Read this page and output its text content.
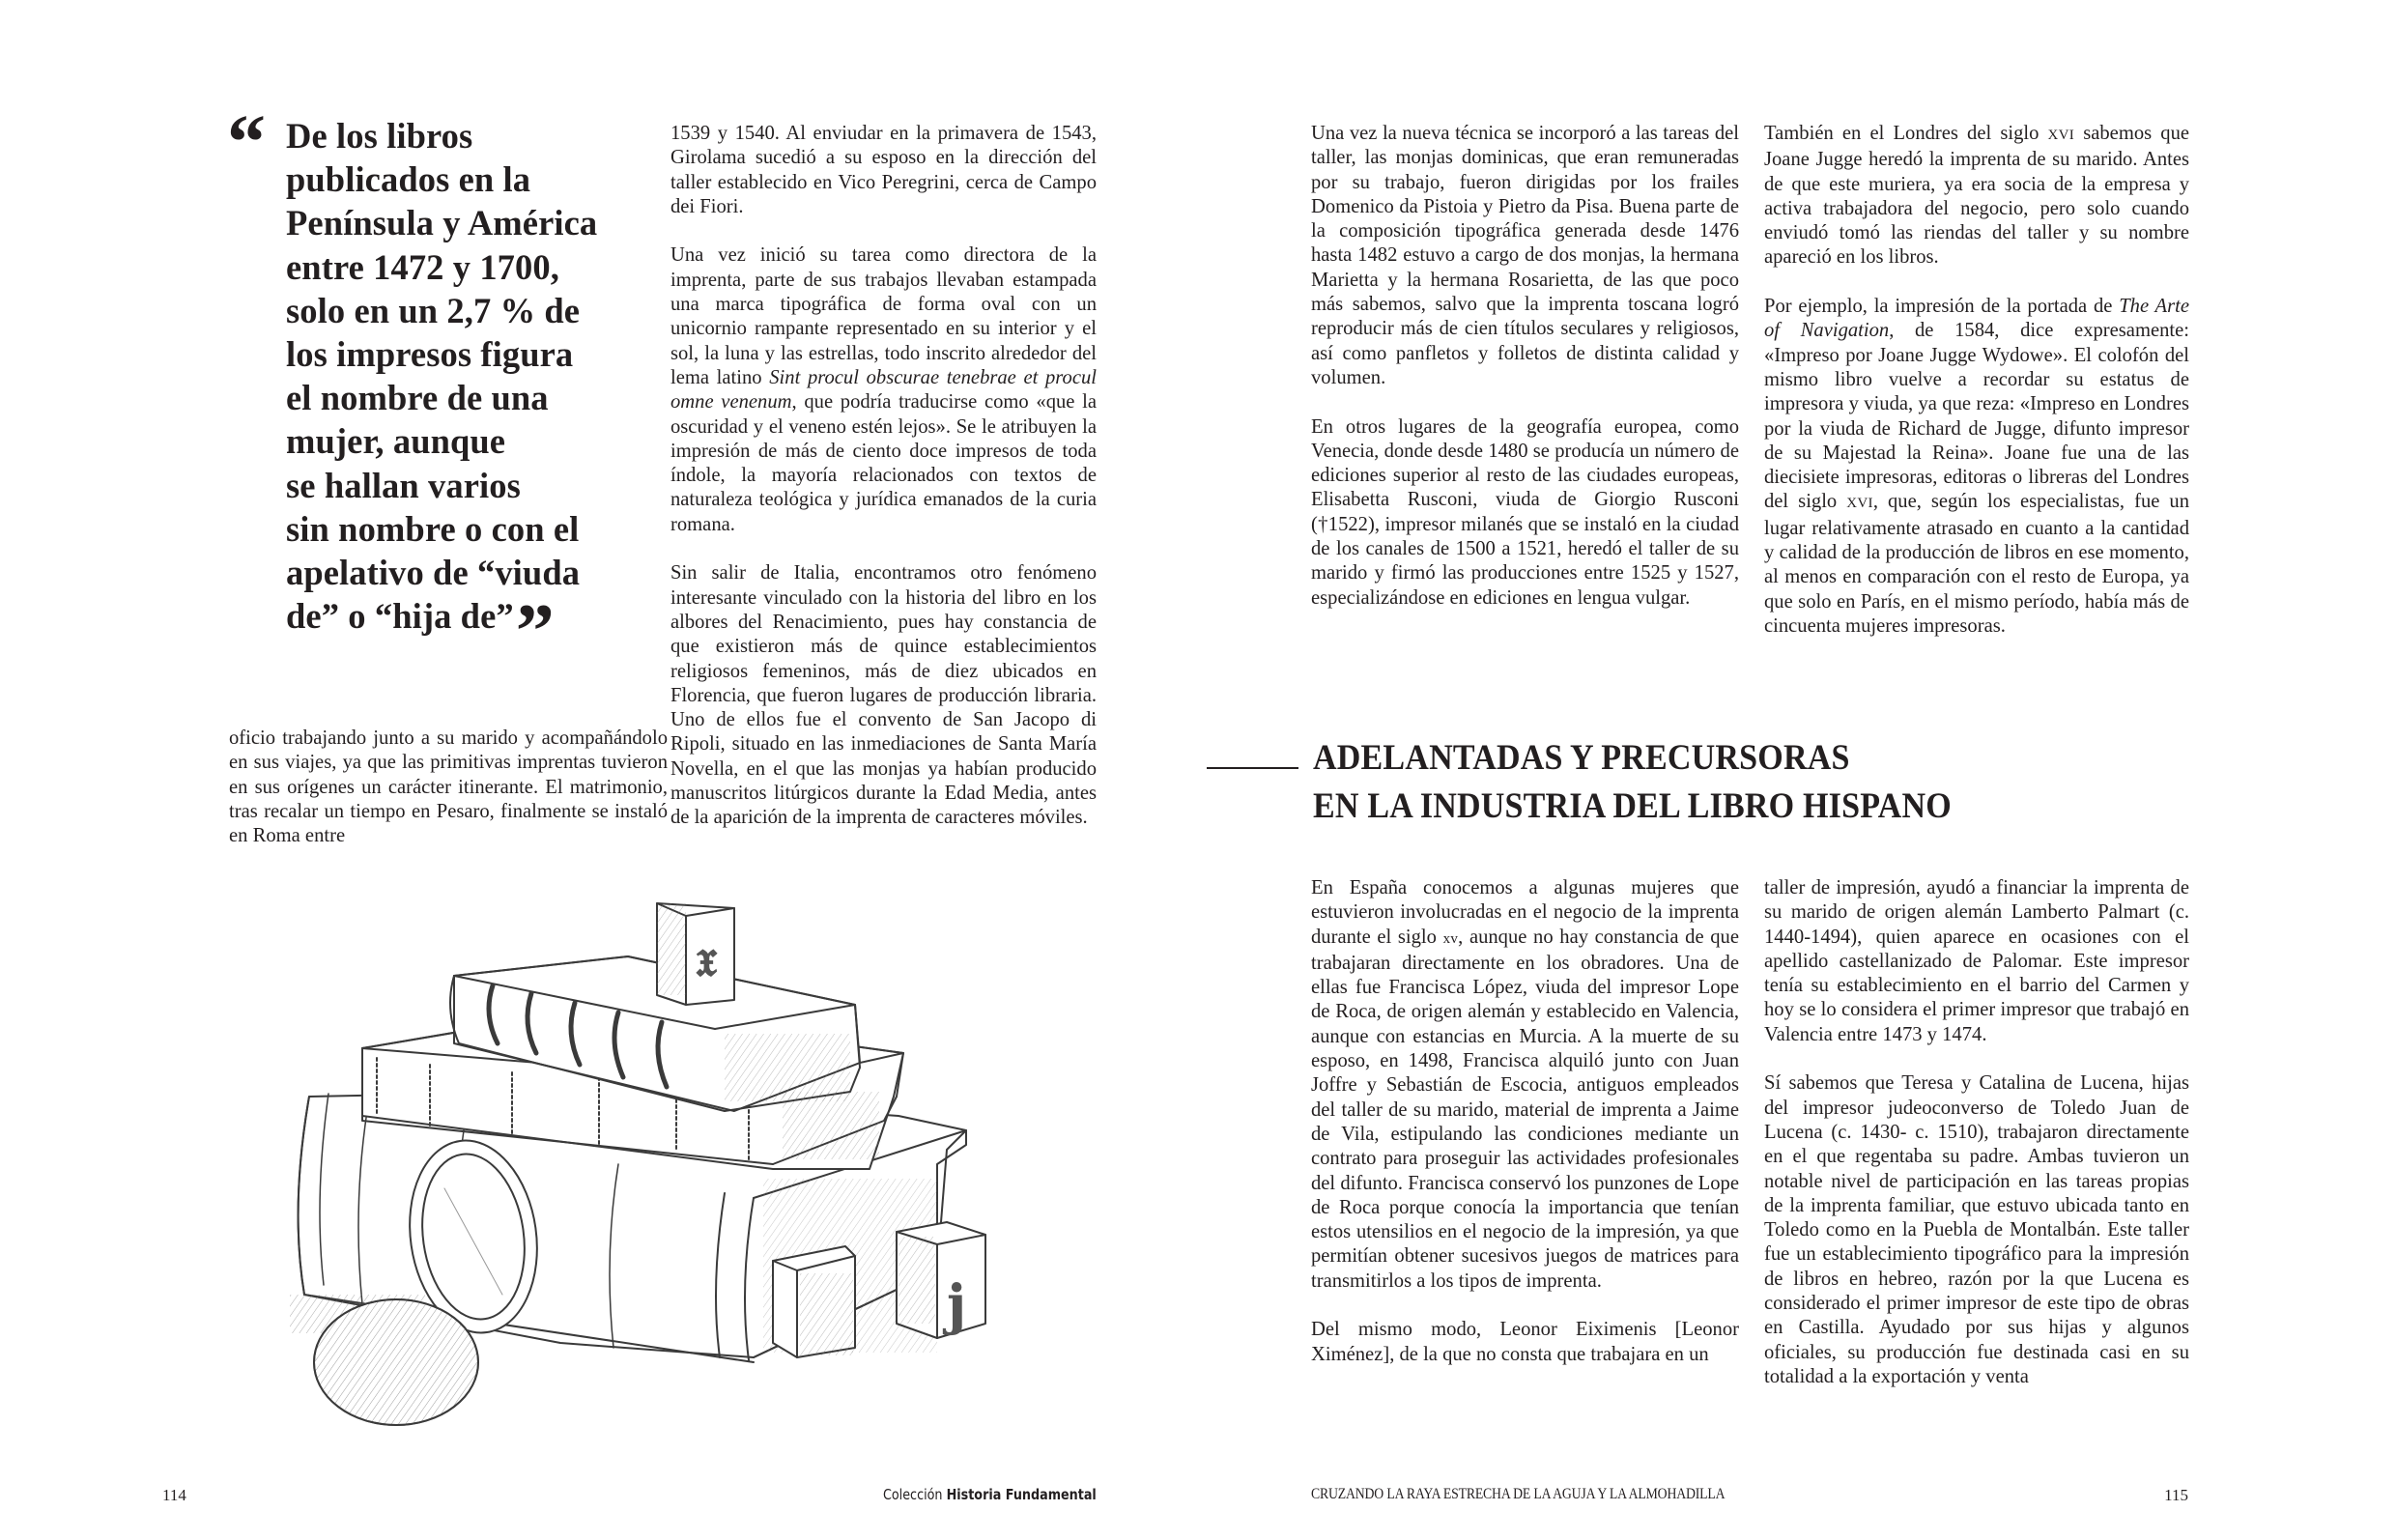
“ De los libros
publicados en la
Península y América
entre 1472 y 1700,
solo en un 2,7 % de
los impresos figura
el nombre de una
mujer, aunque
se hallan varios
sin nombre o con el
apelativo de “viuda
de” o “hija de””

oficio trabajando junto a su marido y acompañándolo en sus viajes, ya que las primitivas imprentas tuvieron en sus orígenes un carácter itinerante. El matrimonio, tras recalar un tiempo en Pesaro, finalmente se instaló en Roma entre

1539 y 1540. Al enviudar en la primavera de 1543, Girolama sucedió a su esposo en la dirección del taller establecido en Vico Peregrini, cerca de Campo dei Fiori.

Una vez inició su tarea como directora de la imprenta, parte de sus trabajos llevaban estampada una marca tipográfica de forma oval con un unicornio rampante representado en su interior y el sol, la luna y las estrellas, todo inscrito alrededor del lema latino Sint procul obscurae tenebrae et procul omne venenum, que podría traducirse como «que la oscuridad y el veneno estén lejos». Se le atribuyen la impresión de más de ciento doce impresos de toda índole, la mayoría relacionados con textos de naturaleza teológica y jurídica emanados de la curia romana.

Sin salir de Italia, encontramos otro fenómeno interesante vinculado con la historia del libro en los albores del Renacimiento, pues hay constancia de que existieron más de quince establecimientos religiosos femeninos, más de diez ubicados en Florencia, que fueron lugares de producción libraria. Uno de ellos fue el convento de San Jacopo di Ripoli, situado en las inmediaciones de Santa María Novella, en el que las monjas ya habían producido manuscritos litúrgicos durante la Edad Media, antes de la aparición de la imprenta de caracteres móviles.

𝔵
j
114	Colección Historia Fundamental

Una vez la nueva técnica se incorporó a las tareas del taller, las monjas dominicas, que eran remuneradas por su trabajo, fueron dirigidas por los frailes Domenico da Pistoia y Pietro da Pisa. Buena parte de la composición tipográfica generada desde 1476 hasta 1482 estuvo a cargo de dos monjas, la hermana Marietta y la hermana Rosarietta, de las que poco más sabemos, salvo que la imprenta toscana logró reproducir más de cien títulos seculares y religiosos, así como panfletos y folletos de distinta calidad y volumen.

En otros lugares de la geografía europea, como Venecia, donde desde 1480 se producía un número de ediciones superior al resto de las ciudades europeas, Elisabetta Rusconi, viuda de Giorgio Rusconi (†1522), impresor milanés que se instaló en la ciudad de los canales de 1500 a 1521, heredó el taller de su marido y firmó las producciones entre 1525 y 1527, especializándose en ediciones en lengua vulgar.

También en el Londres del siglo XVI sabemos que Joane Jugge heredó la imprenta de su marido. Antes de que este muriera, ya era socia de la empresa y activa trabajadora del negocio, pero solo cuando enviudó tomó las riendas del taller y su nombre apareció en los libros.

Por ejemplo, la impresión de la portada de The Arte of Navigation, de 1584, dice expresamente: «Impreso por Joane Jugge Wydowe». El colofón del mismo libro vuelve a recordar su estatus de impresora y viuda, ya que reza: «Impreso en Londres por la viuda de Richard de Jugge, difunto impresor de su Majestad la Reina». Joane fue una de las diecisiete impresoras, editoras o libreras del Londres del siglo XVI, que, según los especialistas, fue un lugar relativamente atrasado en cuanto a la cantidad y calidad de la producción de libros en ese momento, al menos en comparación con el resto de Europa, ya que solo en París, en el mismo período, había más de cincuenta mujeres impresoras.

ADELANTADAS Y PRECURSORAS
EN LA INDUSTRIA DEL LIBRO HISPANO

En España conocemos a algunas mujeres que estuvieron involucradas en el negocio de la imprenta durante el siglo xv, aunque no hay constancia de que trabajaran directamente en los obradores. Una de ellas fue Francisca López, viuda del impresor Lope de Roca, de origen alemán y establecido en Valencia, aunque con estancias en Murcia. A la muerte de su esposo, en 1498, Francisca alquiló junto con Juan Joffre y Sebastián de Escocia, antiguos empleados del taller de su marido, material de imprenta a Jaime de Vila, estipulando las condiciones mediante un contrato para proseguir las actividades profesionales del difunto. Francisca conservó los punzones de Lope de Roca porque conocía la importancia que tenían estos utensilios en el negocio de la impresión, ya que permitían obtener sucesivos juegos de matrices para transmitirlos a los tipos de imprenta.

Del mismo modo, Leonor Eiximenis [Leonor Ximénez], de la que no consta que trabajara en un

taller de impresión, ayudó a financiar la imprenta de su marido de origen alemán Lamberto Palmart (c. 1440-1494), quien aparece en ocasiones con el apellido castellanizado de Palomar. Este impresor tenía su establecimiento en el barrio del Carmen y hoy se lo considera el primer impresor que trabajó en Valencia entre 1473 y 1474.

Sí sabemos que Teresa y Catalina de Lucena, hijas del impresor judeoconverso de Toledo Juan de Lucena (c. 1430- c. 1510), trabajaron directamente en el que regentaba su padre. Ambas tuvieron un notable nivel de participación en las tareas propias de la imprenta familiar, que estuvo ubicada tanto en Toledo como en la Puebla de Montalbán. Este taller fue un establecimiento tipográfico para la impresión de libros en hebreo, razón por la que Lucena es considerado el primer impresor de este tipo de obras en Castilla. Ayudado por sus hijas y algunos oficiales, su producción fue destinada casi en su totalidad a la exportación y venta

CRUZANDO LA RAYA ESTRECHA DE LA AGUJA Y LA ALMOHADILLA	115
